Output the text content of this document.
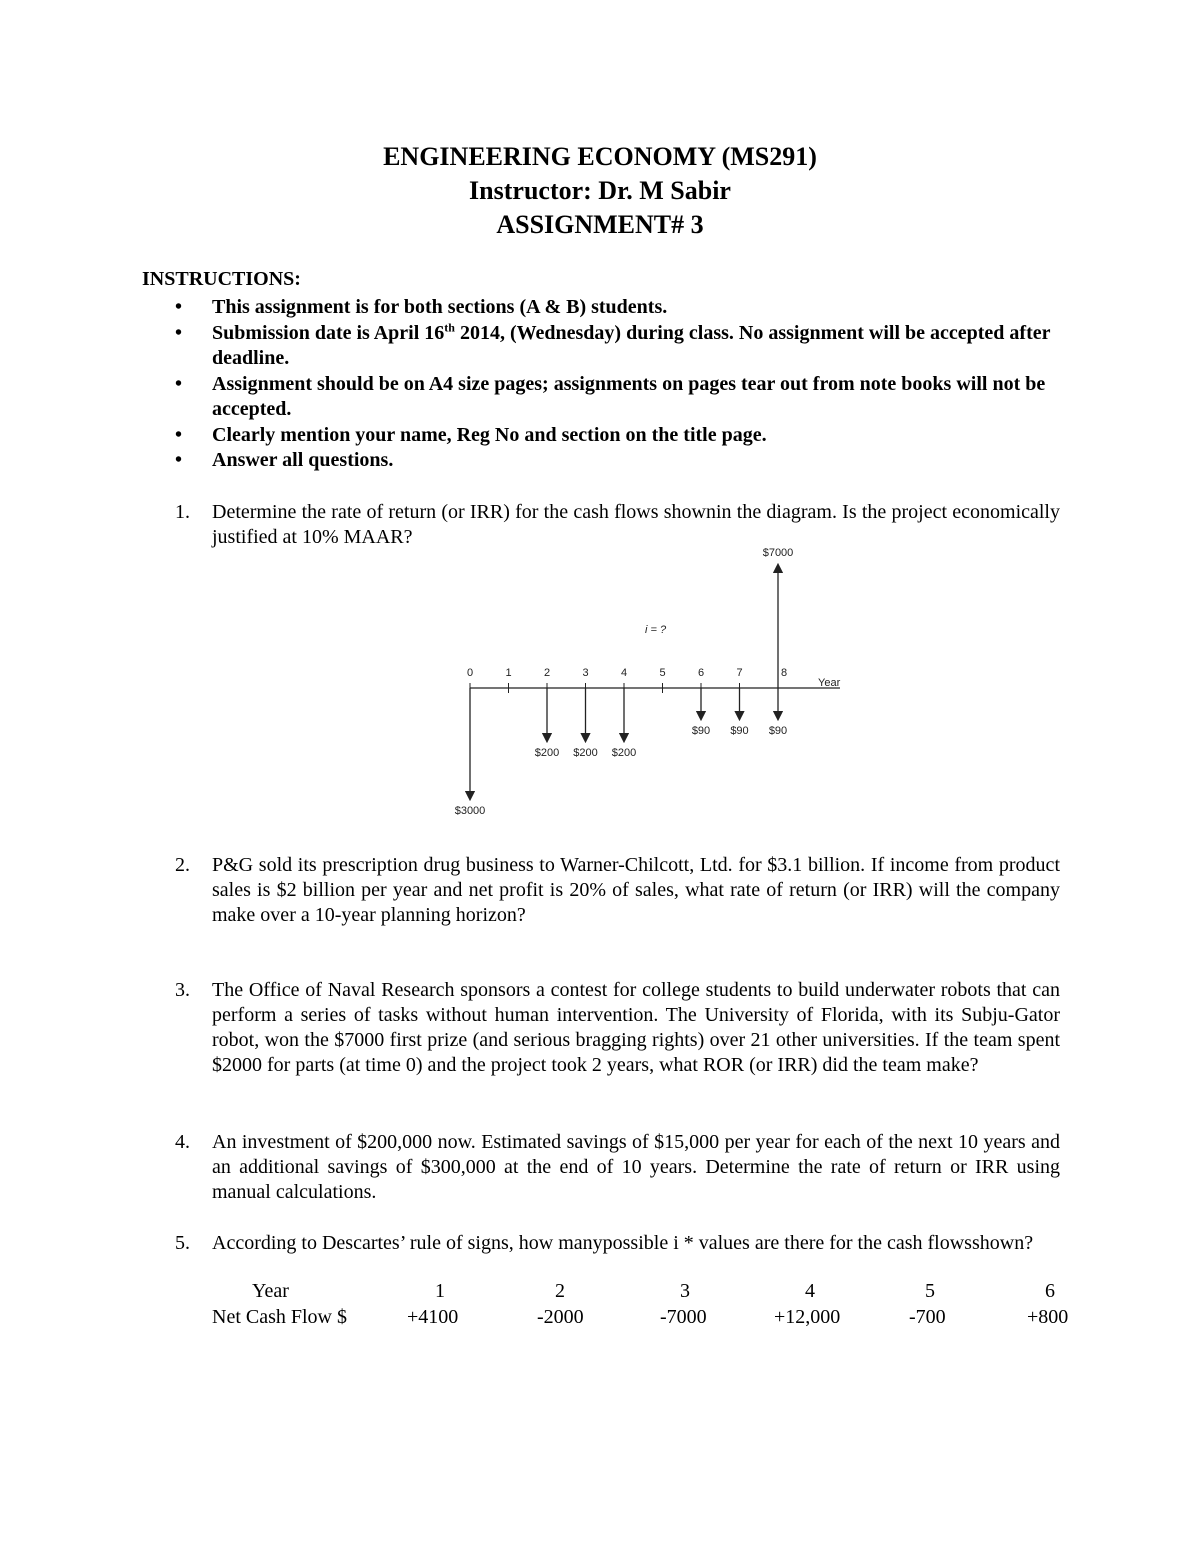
ENGINEERING ECONOMY (MS291)
Instructor: Dr. M Sabir
ASSIGNMENT# 3
INSTRUCTIONS:
• This assignment is for both sections (A & B) students.
• Submission date is April 16th 2014, (Wednesday) during class. No assignment will be accepted after deadline.
• Assignment should be on A4 size pages; assignments on pages tear out from note books will not be accepted.
• Clearly mention your name, Reg No and section on the title page.
• Answer all questions.
1. Determine the rate of return (or IRR) for the cash flows shownin the diagram. Is the project economically justified at 10% MAAR?
Year
i = ?
0	1	2	3	4	5	6	7	8
$3000
$200 $200 $200
$90 $90 $90
$7000
2. P&G sold its prescription drug business to Warner-Chilcott, Ltd. for $3.1 billion. If income from product sales is $2 billion per year and net profit is 20% of sales, what rate of return (or IRR) will the company make over a 10-year planning horizon?
3. The Office of Naval Research sponsors a contest for college students to build underwater robots that can perform a series of tasks without human intervention. The University of Florida, with its Subju-Gator robot, won the $7000 first prize (and serious bragging rights) over 21 other universities. If the team spent $2000 for parts (at time 0) and the project took 2 years, what ROR (or IRR) did the team make?
4. An investment of $200,000 now. Estimated savings of $15,000 per year for each of the next 10 years and an additional savings of $300,000 at the end of 10 years. Determine the rate of return or IRR using manual calculations.
5. According to Descartes’ rule of signs, how manypossible i * values are there for the cash flowsshown?
Year	1	2	3	4	5	6
Net Cash Flow $	+4100	-2000	-7000	+12,000	-700	+800
